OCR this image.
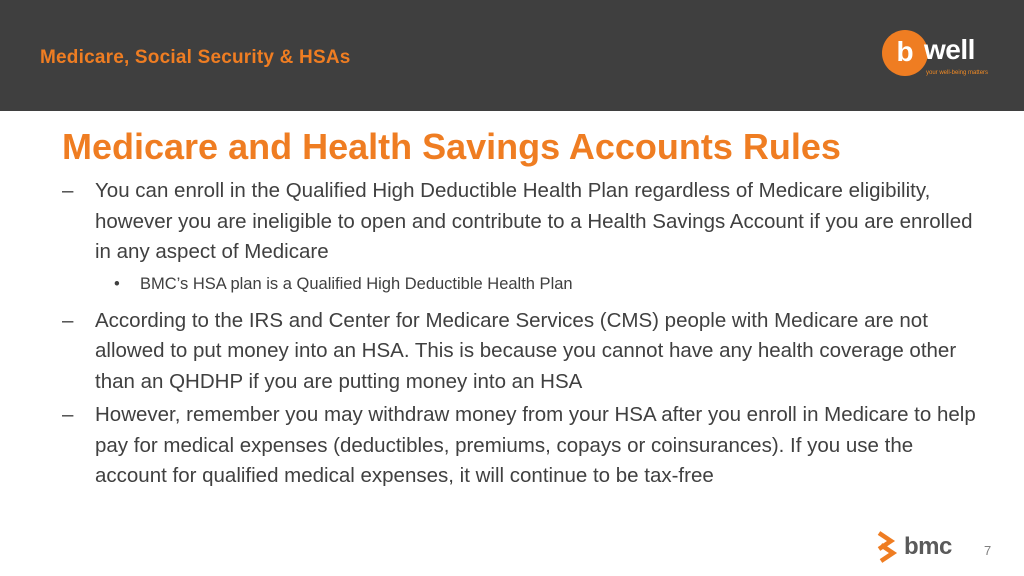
Medicare, Social Security & HSAs	b well
your well-being matters
Medicare and Health Savings Accounts Rules
– You can enroll in the Qualified High Deductible Health Plan regardless of Medicare eligibility, however you are ineligible to open and contribute to a Health Savings Account if you are enrolled in any aspect of Medicare
• BMC’s HSA plan is a Qualified High Deductible Health Plan
– According to the IRS and Center for Medicare Services (CMS) people with Medicare are not allowed to put money into an HSA. This is because you cannot have any health coverage other than an QHDHP if you are putting money into an HSA
– However, remember you may withdraw money from your HSA after you enroll in Medicare to help pay for medical expenses (deductibles, premiums, copays or coinsurances). If you use the account for qualified medical expenses, it will continue to be tax-free
bmc 7
